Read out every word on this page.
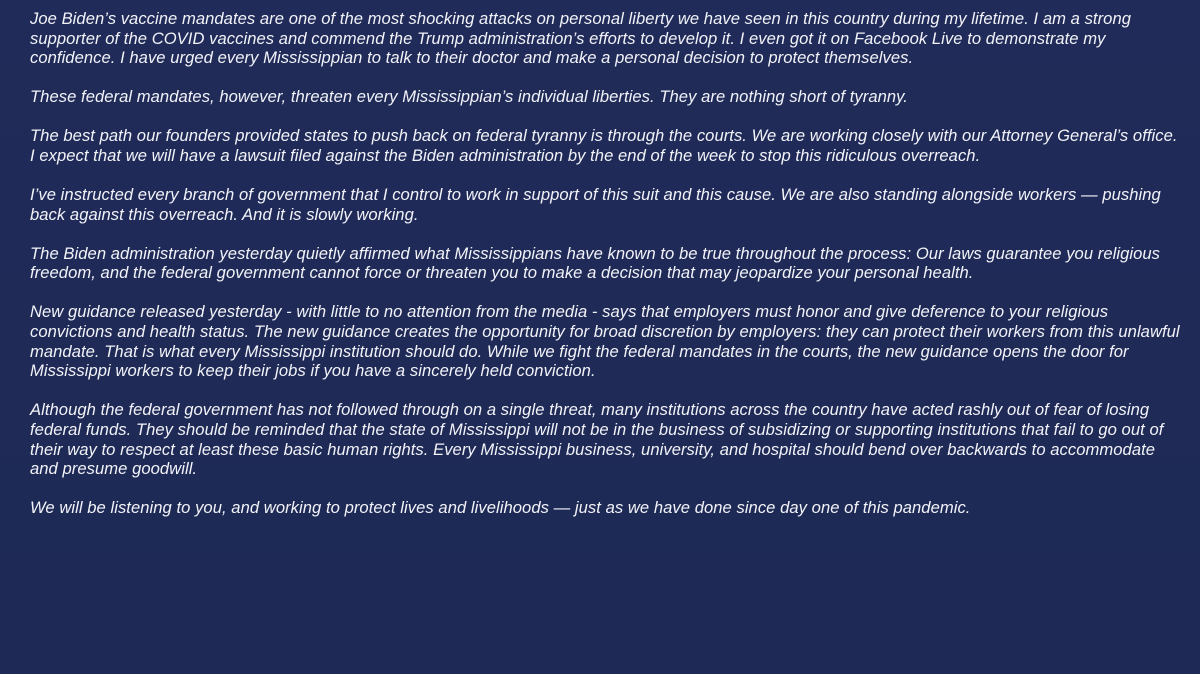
Joe Biden’s vaccine mandates are one of the most shocking attacks on personal liberty we have seen in this country during my lifetime. I am a strong supporter of the COVID vaccines and commend the Trump administration’s efforts to develop it. I even got it on Facebook Live to demonstrate my confidence. I have urged every Mississippian to talk to their doctor and make a personal decision to protect themselves.

These federal mandates, however, threaten every Mississippian’s individual liberties. They are nothing short of tyranny.

The best path our founders provided states to push back on federal tyranny is through the courts. We are working closely with our Attorney General’s office. I expect that we will have a lawsuit filed against the Biden administration by the end of the week to stop this ridiculous overreach.

I’ve instructed every branch of government that I control to work in support of this suit and this cause. We are also standing alongside workers — pushing back against this overreach. And it is slowly working.

The Biden administration yesterday quietly affirmed what Mississippians have known to be true throughout the process: Our laws guarantee you religious freedom, and the federal government cannot force or threaten you to make a decision that may jeopardize your personal health.

New guidance released yesterday - with little to no attention from the media - says that employers must honor and give deference to your religious convictions and health status. The new guidance creates the opportunity for broad discretion by employers: they can protect their workers from this unlawful mandate. That is what every Mississippi institution should do. While we fight the federal mandates in the courts, the new guidance opens the door for Mississippi workers to keep their jobs if you have a sincerely held conviction.

Although the federal government has not followed through on a single threat, many institutions across the country have acted rashly out of fear of losing federal funds. They should be reminded that the state of Mississippi will not be in the business of subsidizing or supporting institutions that fail to go out of their way to respect at least these basic human rights. Every Mississippi business, university, and hospital should bend over backwards to accommodate and presume goodwill.

We will be listening to you, and working to protect lives and livelihoods — just as we have done since day one of this pandemic.
